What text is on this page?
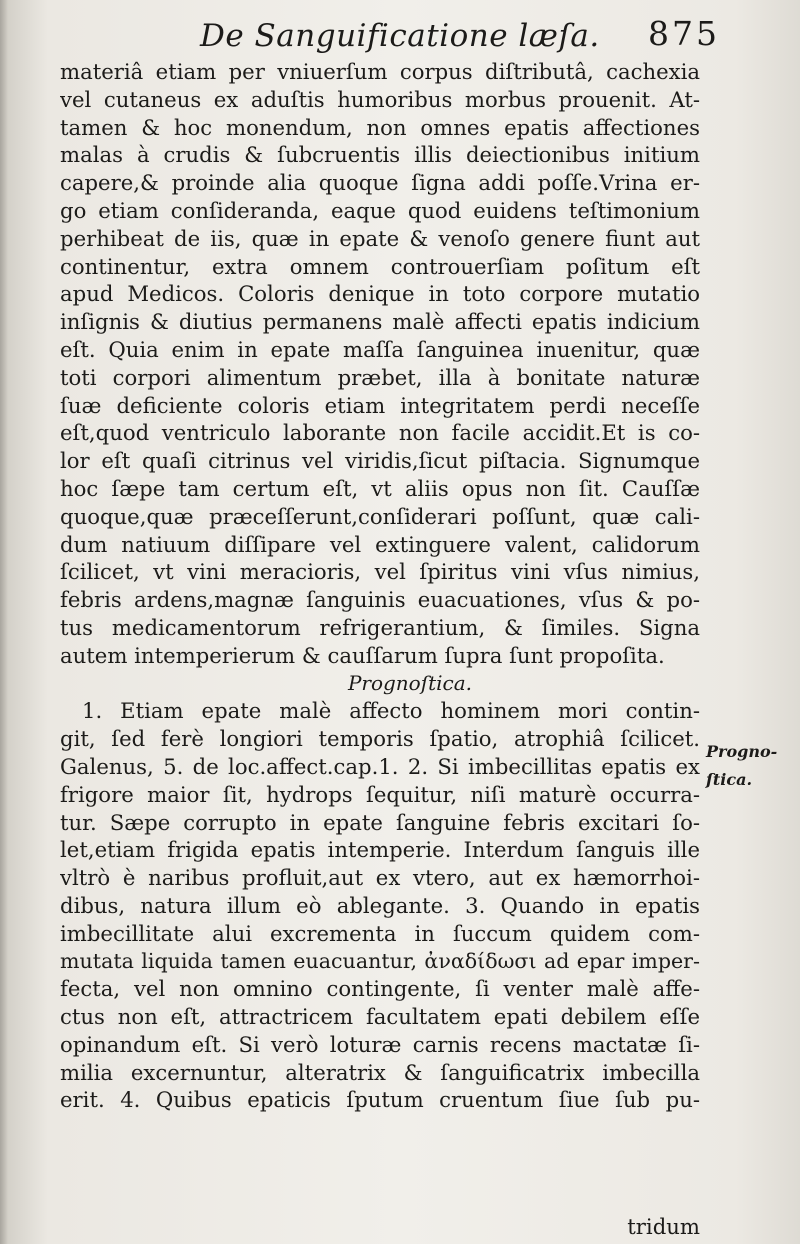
De Sanguificatione læſa. 875
materiâ etiam per vniuerſum corpus diſtributâ, cachexia
vel cutaneus ex aduſtis humoribus morbus prouenit. At-
tamen & hoc monendum, non omnes epatis affectiones
malas à crudis & ſubcruentis illis deiectionibus initium
capere,& proinde alia quoque ſigna addi poſſe.Vrina er-
go etiam conſideranda, eaque quod euidens teſtimonium
perhibeat de iis, quæ in epate & venoſo genere fiunt aut
continentur, extra omnem controuerſiam poſitum eſt
apud Medicos. Coloris denique in toto corpore mutatio
inſignis & diutius permanens malè affecti epatis indicium
eſt. Quia enim in epate maſſa ſanguinea inuenitur, quæ
toti corpori alimentum præbet, illa à bonitate naturæ
ſuæ deficiente coloris etiam integritatem perdi neceſſe
eſt,quod ventriculo laborante non facile accidit.Et is co-
lor eſt quaſi citrinus vel viridis,ſicut piſtacia. Signumque
hoc ſæpe tam certum eſt, vt aliis opus non ſit. Cauſſæ
quoque,quæ præceſſerunt,conſiderari poſſunt, quæ cali-
dum natiuum diſſipare vel extinguere valent, calidorum
ſcilicet, vt vini meracioris, vel ſpiritus vini vſus nimius,
febris ardens,magnæ ſanguinis euacuationes, vſus & po-
tus medicamentorum refrigerantium, & ſimiles. Signa
autem intemperierum & cauſſarum ſupra ſunt propoſita.
Prognoſtica.
1. Etiam epate malè affecto hominem mori contin-
git, ſed ferè longiori temporis ſpatio, atrophiâ ſcilicet.
Galenus, 5. de loc.affect.cap.1. 2. Si imbecillitas epatis ex
frigore maior ſit, hydrops ſequitur, niſi maturè occurra-
tur. Sæpe corrupto in epate ſanguine febris excitari ſo-
let,etiam frigida epatis intemperie. Interdum ſanguis ille
vltrò è naribus profluit,aut ex vtero, aut ex hæmorrhoi-
dibus, natura illum eò ablegante. 3. Quando in epatis
imbecillitate alui excrementa in ſuccum quidem com-
mutata liquida tamen euacuantur, ἀναδίδωσι ad epar imper-
fecta, vel non omnino contingente, ſi venter malè affe-
ctus non eſt, attractricem facultatem epati debilem eſſe
opinandum eſt. Si verò loturæ carnis recens mactatæ ſi-
milia excernuntur, alteratrix & ſanguificatrix imbecilla
erit. 4. Quibus epaticis ſputum cruentum ſiue ſub pu-
Progno-
ſtica.
tridum
